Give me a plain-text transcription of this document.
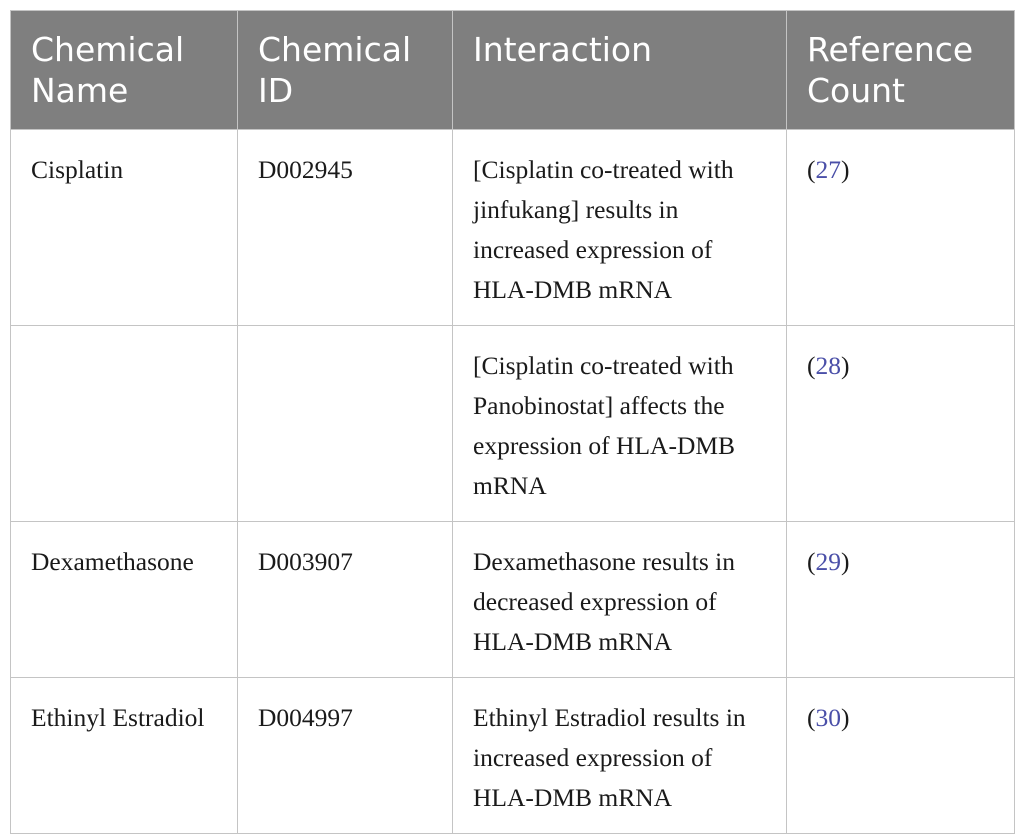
Chemical Name	Chemical ID	Interaction	Reference Count
Cisplatin	D002945	[Cisplatin co-treated with jinfukang] results in increased expression of HLA-DMB mRNA	(27)
		[Cisplatin co-treated with Panobinostat] affects the expression of HLA-DMB mRNA	(28)
Dexamethasone	D003907	Dexamethasone results in decreased expression of HLA-DMB mRNA	(29)
Ethinyl Estradiol	D004997	Ethinyl Estradiol results in increased expression of HLA-DMB mRNA	(30)
